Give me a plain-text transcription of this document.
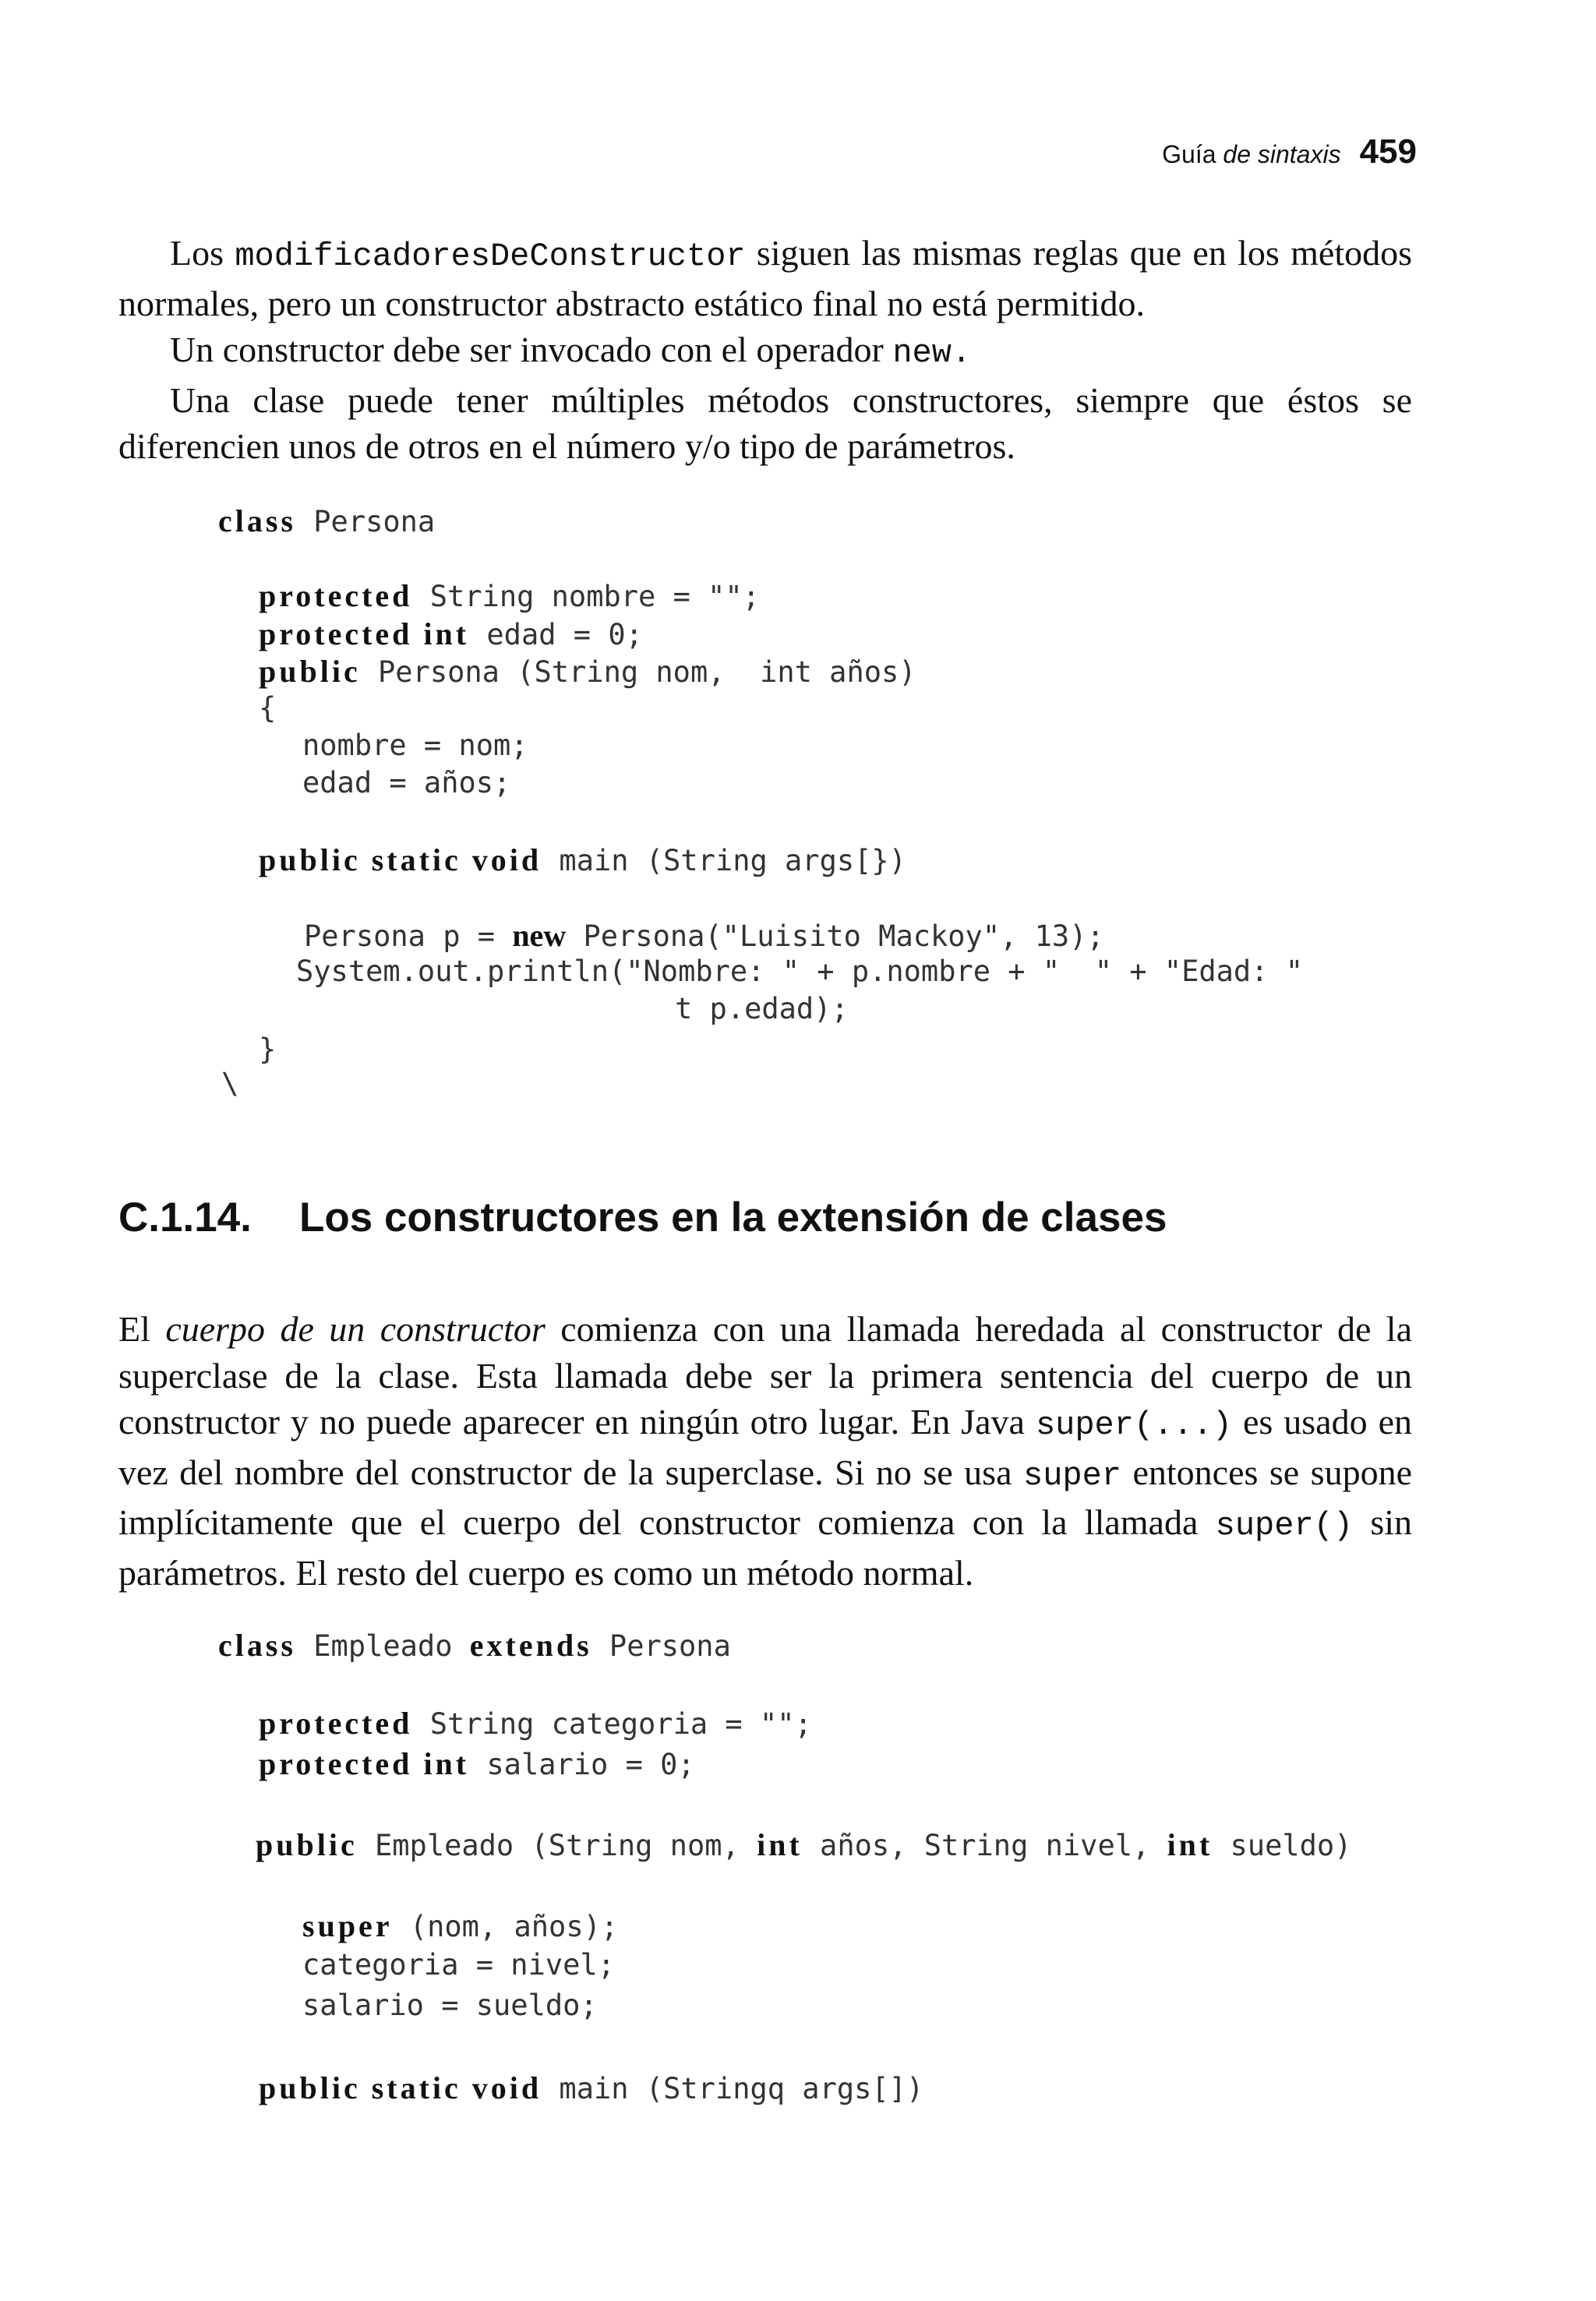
Guía de sintaxis 459

Los modificadoresDeConstructor siguen las mismas reglas que en los métodos normales, pero un constructor abstracto estático final no está permitido.

Un constructor debe ser invocado con el operador new.

Una clase puede tener múltiples métodos constructores, siempre que éstos se diferencien unos de otros en el número y/o tipo de parámetros.

class Persona

protected String nombre = "";

protected int edad = 0;

public Persona (String nom,  int años)

{

nombre = nom;

edad = años;

public static void main (String args[})

Persona p = new Persona("Luisito Mackoy", 13);

System.out.println("Nombre: " + p.nombre + "  " + "Edad: "

t p.edad);

}

\

C.1.14. Los constructores en la extensión de clases

El cuerpo de un constructor comienza con una llamada heredada al constructor de la superclase de la clase. Esta llamada debe ser la primera sentencia del cuerpo de un constructor y no puede aparecer en ningún otro lugar. En Java super(...) es usado en vez del nombre del constructor de la superclase. Si no se usa super entonces se supone implícitamente que el cuerpo del constructor comienza con la llamada super() sin parámetros. El resto del cuerpo es como un método normal.

class Empleado extends Persona

protected String categoria = "";

protected int salario = 0;

public Empleado (String nom, int años, String nivel, int sueldo)

super (nom, años);

categoria = nivel;

salario = sueldo;

public static void main (Stringq args[])
